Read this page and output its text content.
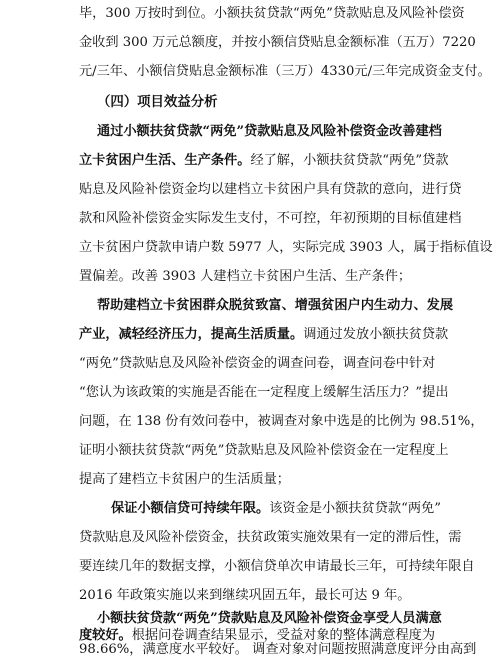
毕，300 万按时到位。小额扶贫贷款“两免”贷款贴息及风险补偿资
金收到 300 万元总额度，并按小额信贷贴息金额标准（五万）7220
元/三年、小额信贷贴息金额标准（三万）4330元/三年完成资金支付。
（四）项目效益分析
通过小额扶贫贷款“两免”贷款贴息及风险补偿资金改善建档
立卡贫困户生活、生产条件。经了解，小额扶贫贷款“两免”贷款
贴息及风险补偿资金均以建档立卡贫困户具有贷款的意向，进行贷
款和风险补偿资金实际发生支付，不可控，年初预期的目标值建档
立卡贫困户贷款申请户数 5977 人，实际完成 3903 人，属于指标值设
置偏差。改善 3903 人建档立卡贫困户生活、生产条件；
帮助建档立卡贫困群众脱贫致富、增强贫困户内生动力、发展
产业，减轻经济压力，提高生活质量。调通过发放小额扶贫贷款
“两免”贷款贴息及风险补偿资金的调查问卷，调查问卷中针对
“您认为该政策的实施是否能在一定程度上缓解生活压力？”提出
问题，在 138 份有效问卷中，被调查对象中选是的比例为 98.51%，
证明小额扶贫贷款“两免”贷款贴息及风险补偿资金在一定程度上
提高了建档立卡贫困户的生活质量；
保证小额信贷可持续年限。该资金是小额扶贫贷款“两免”
贷款贴息及风险补偿资金，扶贫政策实施效果有一定的滞后性，需
要连续几年的数据支撑，小额信贷单次申请最长三年，可持续年限自
2016 年政策实施以来到继续巩固五年，最长可达 9 年。
小额扶贫贷款“两免”贷款贴息及风险补偿资金享受人员满意
度较好。根据问卷调查结果显示，受益对象的整体满意程度为
98.66%，满意度水平较好。 调查对象对问题按照满意度评分由高到
